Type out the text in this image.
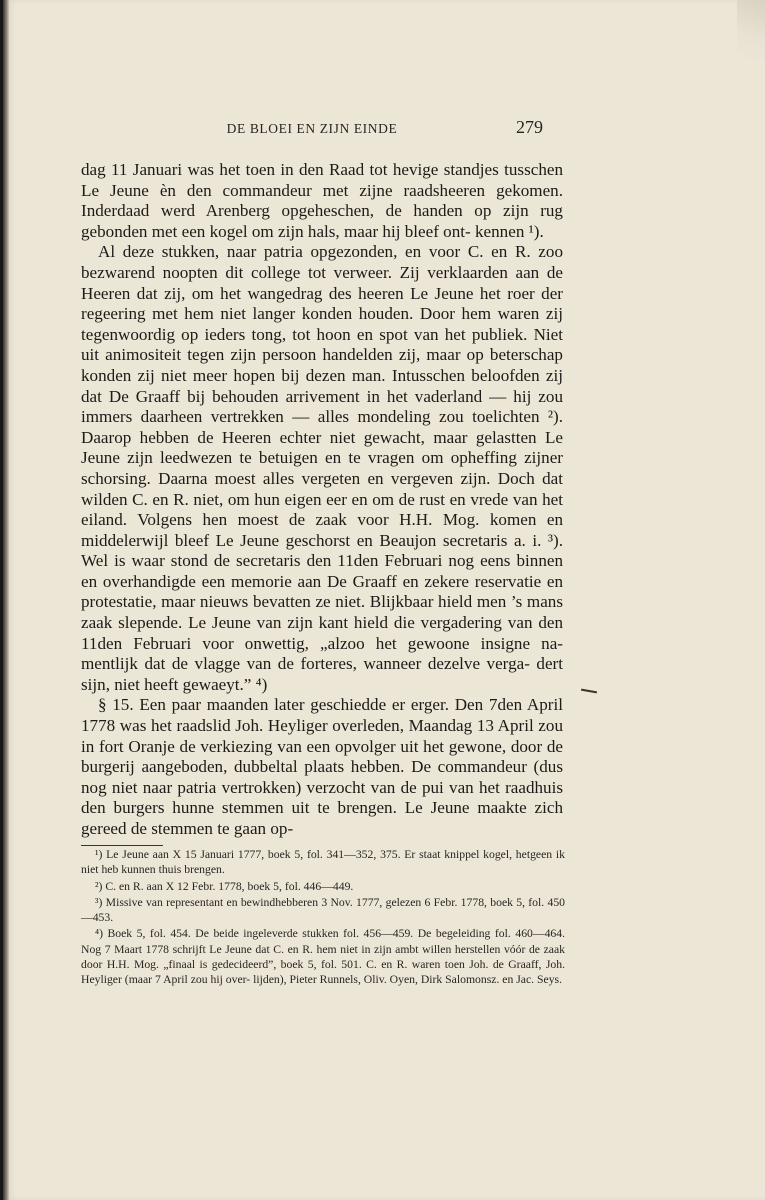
DE BLOEI EN ZIJN EINDE	279

dag 11 Januari was het toen in den Raad tot hevige standjes tusschen Le Jeune èn den commandeur met zijne raadsheeren gekomen. Inderdaad werd Arenberg opgeheschen, de handen op zijn rug gebonden met een kogel om zijn hals, maar hij bleef ont- kennen ¹).

Al deze stukken, naar patria opgezonden, en voor C. en R. zoo bezwarend noopten dit college tot verweer. Zij verklaarden aan de Heeren dat zij, om het wangedrag des heeren Le Jeune het roer der regeering met hem niet langer konden houden. Door hem waren zij tegenwoordig op ieders tong, tot hoon en spot van het publiek. Niet uit animositeit tegen zijn persoon handelden zij, maar op beterschap konden zij niet meer hopen bij dezen man. Intusschen beloofden zij dat De Graaff bij behouden arrivement in het vaderland — hij zou immers daarheen vertrekken — alles mondeling zou toelichten ²). Daarop hebben de Heeren echter niet gewacht, maar gelastten Le Jeune zijn leedwezen te betuigen en te vragen om opheffing zijner schorsing. Daarna moest alles vergeten en vergeven zijn. Doch dat wilden C. en R. niet, om hun eigen eer en om de rust en vrede van het eiland. Volgens hen moest de zaak voor H.H. Mog. komen en middelerwijl bleef Le Jeune geschorst en Beaujon secretaris a. i. ³). Wel is waar stond de secretaris den 11den Februari nog eens binnen en overhandigde een memorie aan De Graaff en zekere reservatie en protestatie, maar nieuws bevatten ze niet. Blijkbaar hield men ’s mans zaak slepende. Le Jeune van zijn kant hield die vergadering van den 11den Februari voor onwettig, „alzoo het gewoone insigne na- mentlijk dat de vlagge van de forteres, wanneer dezelve verga- dert sijn, niet heeft gewaeyt.” ⁴)

§ 15. Een paar maanden later geschiedde er erger. Den 7den April 1778 was het raadslid Joh. Heyliger overleden, Maandag 13 April zou in fort Oranje de verkiezing van een opvolger uit het gewone, door de burgerij aangeboden, dubbeltal plaats hebben. De commandeur (dus nog niet naar patria vertrokken) verzocht van de pui van het raadhuis den burgers hunne stemmen uit te brengen. Le Jeune maakte zich gereed de stemmen te gaan op-

¹) Le Jeune aan X 15 Januari 1777, boek 5, fol. 341—352, 375. Er staat knippel kogel, hetgeen ik niet heb kunnen thuis brengen.

²) C. en R. aan X 12 Febr. 1778, boek 5, fol. 446—449.

³) Missive van representant en bewindhebberen 3 Nov. 1777, gelezen 6 Febr. 1778, boek 5, fol. 450—453.

⁴) Boek 5, fol. 454. De beide ingeleverde stukken fol. 456—459. De begeleiding fol. 460—464. Nog 7 Maart 1778 schrijft Le Jeune dat C. en R. hem niet in zijn ambt willen herstellen vóór de zaak door H.H. Mog. „finaal is gedecideerd”, boek 5, fol. 501. C. en R. waren toen Joh. de Graaff, Joh. Heyliger (maar 7 April zou hij over- lijden), Pieter Runnels, Oliv. Oyen, Dirk Salomonsz. en Jac. Seys.
